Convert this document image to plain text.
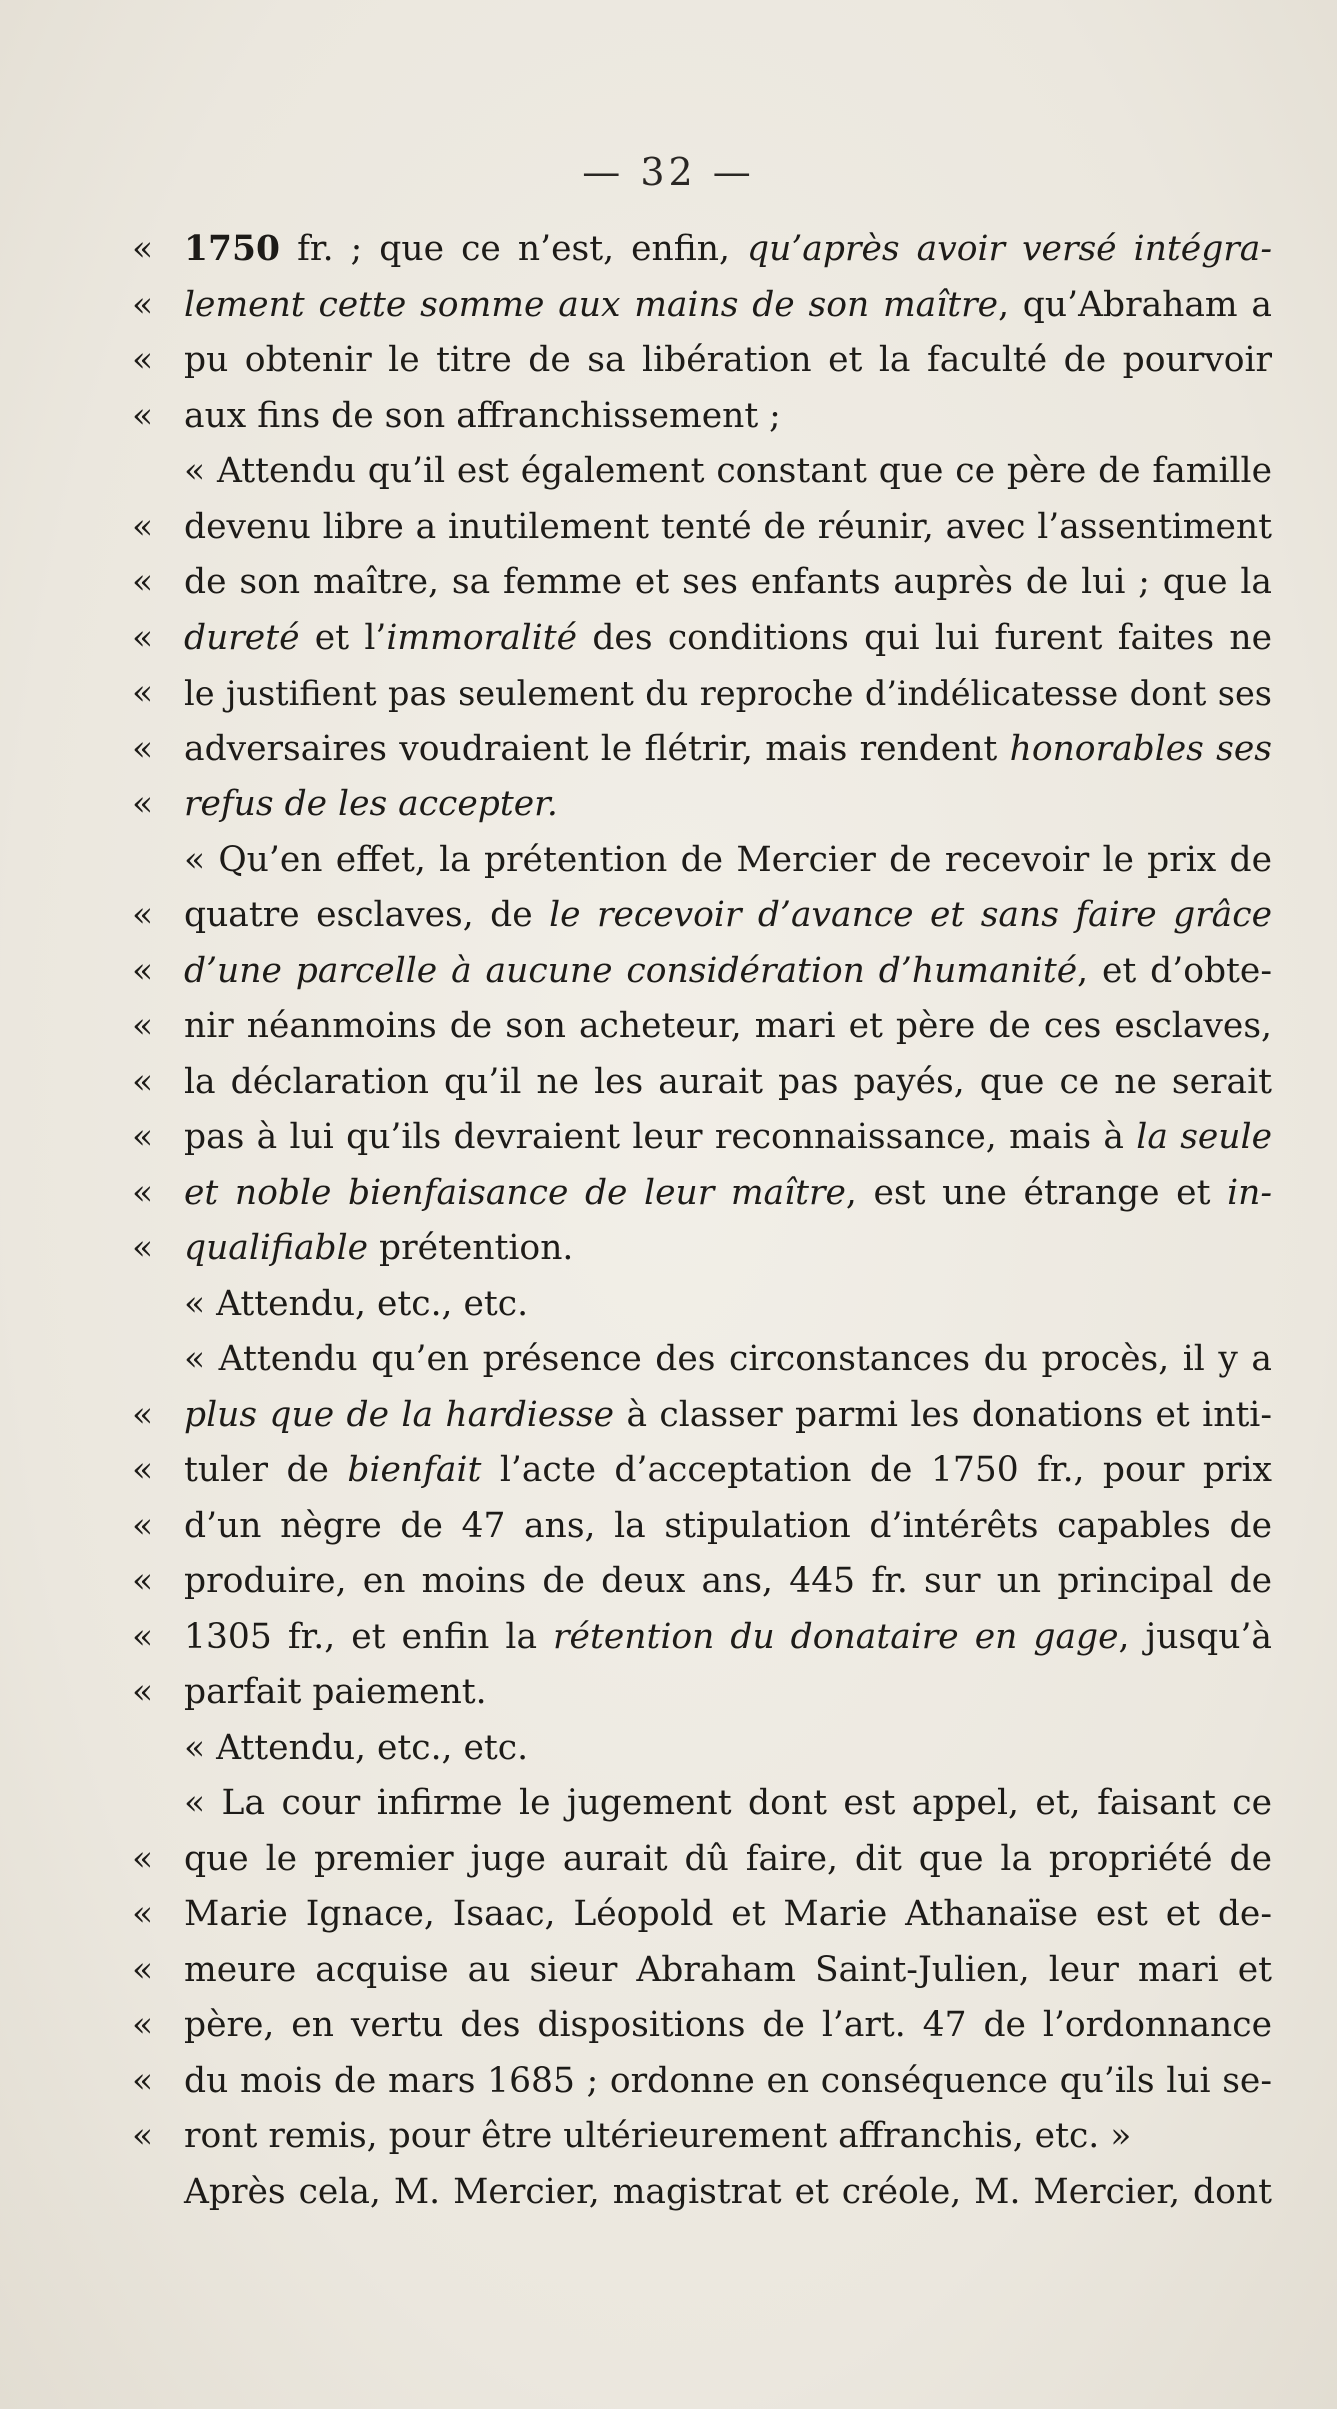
— 32 —
« 1750 fr. ; que ce n’est, enfin, qu’après avoir versé intégra-
« lement cette somme aux mains de son maître, qu’Abraham a
« pu obtenir le titre de sa libération et la faculté de pourvoir
« aux fins de son affranchissement ;
« Attendu qu’il est également constant que ce père de famille
« devenu libre a inutilement tenté de réunir, avec l’assentiment
« de son maître, sa femme et ses enfants auprès de lui ; que la
« dureté et l’immoralité des conditions qui lui furent faites ne
« le justifient pas seulement du reproche d’indélicatesse dont ses
« adversaires voudraient le flétrir, mais rendent honorables ses
« refus de les accepter.
« Qu’en effet, la prétention de Mercier de recevoir le prix de
« quatre esclaves, de le recevoir d’avance et sans faire grâce
« d’une parcelle à aucune considération d’humanité, et d’obte-
« nir néanmoins de son acheteur, mari et père de ces esclaves,
« la déclaration qu’il ne les aurait pas payés, que ce ne serait
« pas à lui qu’ils devraient leur reconnaissance, mais à la seule
« et noble bienfaisance de leur maître, est une étrange et in-
« qualifiable prétention.
« Attendu, etc., etc.
« Attendu qu’en présence des circonstances du procès, il y a
« plus que de la hardiesse à classer parmi les donations et inti-
« tuler de bienfait l’acte d’acceptation de 1750 fr., pour prix
« d’un nègre de 47 ans, la stipulation d’intérêts capables de
« produire, en moins de deux ans, 445 fr. sur un principal de
« 1305 fr., et enfin la rétention du donataire en gage, jusqu’à
« parfait paiement.
« Attendu, etc., etc.
« La cour infirme le jugement dont est appel, et, faisant ce
« que le premier juge aurait dû faire, dit que la propriété de
« Marie Ignace, Isaac, Léopold et Marie Athanaïse est et de-
« meure acquise au sieur Abraham Saint-Julien, leur mari et
« père, en vertu des dispositions de l’art. 47 de l’ordonnance
« du mois de mars 1685 ; ordonne en conséquence qu’ils lui se-
« ront remis, pour être ultérieurement affranchis, etc. »
Après cela, M. Mercier, magistrat et créole, M. Mercier, dont
